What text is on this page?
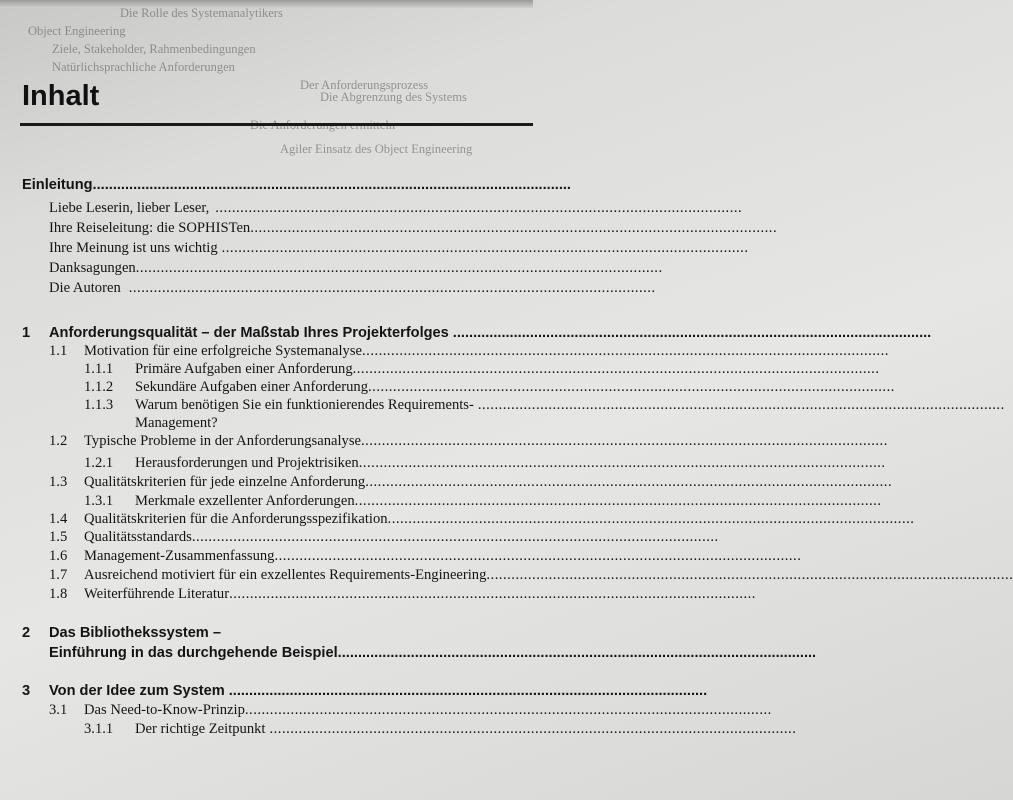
Die Rolle des Systemanalytikers
Object Engineering
Ziele, Stakeholder, Rahmenbedingungen
Natürlichsprachliche Anforderungen
Der Anforderungsprozess
Die Abgrenzung des Systems
Agiler Einsatz des Object Engineering
Inhalt
Einleitung......................................................................................................................
Liebe Leserin, lieber Leser, ...............................................................................................................................
Ihre Reiseleitung: die SOPHISTen...............................................................................................................................
Ihre Meinung ist uns wichtig ...............................................................................................................................
Danksagungen...............................................................................................................................
Die Autoren ...............................................................................................................................
1 Anforderungsqualität – der Maßstab Ihres Projekterfolges ......................................................................................................................
1.1 Motivation für eine erfolgreiche Systemanalyse...............................................................................................................................
1.1.1 Primäre Aufgaben einer Anforderung...............................................................................................................................
1.1.2 Sekundäre Aufgaben einer Anforderung...............................................................................................................................
1.1.3 Warum benötigen Sie ein funktionierendes Requirements- ...............................................................................................................................
Management?
1.2 Typische Probleme in der Anforderungsanalyse...............................................................................................................................
1.2.1 Herausforderungen und Projektrisiken...............................................................................................................................
1.3 Qualitätskriterien für jede einzelne Anforderung...............................................................................................................................
1.3.1 Merkmale exzellenter Anforderungen...............................................................................................................................
1.4 Qualitätskriterien für die Anforderungsspezifikation...............................................................................................................................
1.5 Qualitätsstandards...............................................................................................................................
1.6 Management-Zusammenfassung...............................................................................................................................
1.7 Ausreichend motiviert für ein exzellentes Requirements-Engineering...............................................................................................................................
1.8 Weiterführende Literatur...............................................................................................................................
2 Das Bibliothekssystem –
Einführung in das durchgehende Beispiel......................................................................................................................
3 Von der Idee zum System ......................................................................................................................
3.1 Das Need-to-Know-Prinzip...............................................................................................................................
3.1.1 Der richtige Zeitpunkt ...............................................................................................................................
